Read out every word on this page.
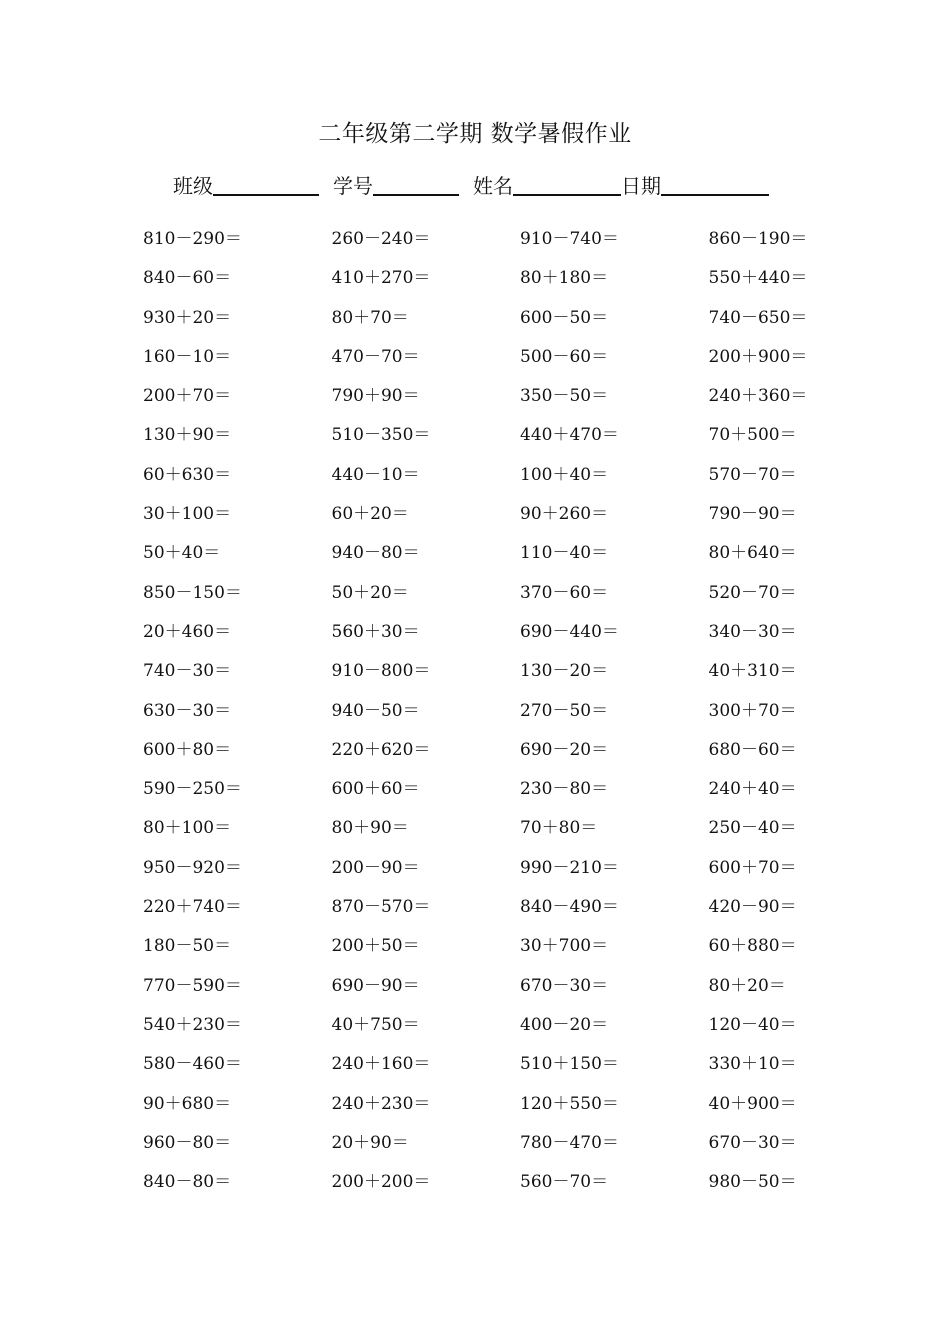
二年级第二学期 数学暑假作业
班级	学号	姓名	日期
810－290＝	260－240＝	910－740＝	860－190＝
840－60＝	410＋270＝	80＋180＝	550＋440＝
930＋20＝	80＋70＝	600－50＝	740－650＝
160－10＝	470－70＝	500－60＝	200＋900＝
200＋70＝	790＋90＝	350－50＝	240＋360＝
130＋90＝	510－350＝	440＋470＝	70＋500＝
60＋630＝	440－10＝	100＋40＝	570－70＝
30＋100＝	60＋20＝	90＋260＝	790－90＝
50＋40＝	940－80＝	110－40＝	80＋640＝
850－150＝	50＋20＝	370－60＝	520－70＝
20＋460＝	560＋30＝	690－440＝	340－30＝
740－30＝	910－800＝	130－20＝	40＋310＝
630－30＝	940－50＝	270－50＝	300＋70＝
600＋80＝	220＋620＝	690－20＝	680－60＝
590－250＝	600＋60＝	230－80＝	240＋40＝
80＋100＝	80＋90＝	70＋80＝	250－40＝
950－920＝	200－90＝	990－210＝	600＋70＝
220＋740＝	870－570＝	840－490＝	420－90＝
180－50＝	200＋50＝	30＋700＝	60＋880＝
770－590＝	690－90＝	670－30＝	80＋20＝
540＋230＝	40＋750＝	400－20＝	120－40＝
580－460＝	240＋160＝	510＋150＝	330＋10＝
90＋680＝	240＋230＝	120＋550＝	40＋900＝
960－80＝	20＋90＝	780－470＝	670－30＝
840－80＝	200＋200＝	560－70＝	980－50＝
